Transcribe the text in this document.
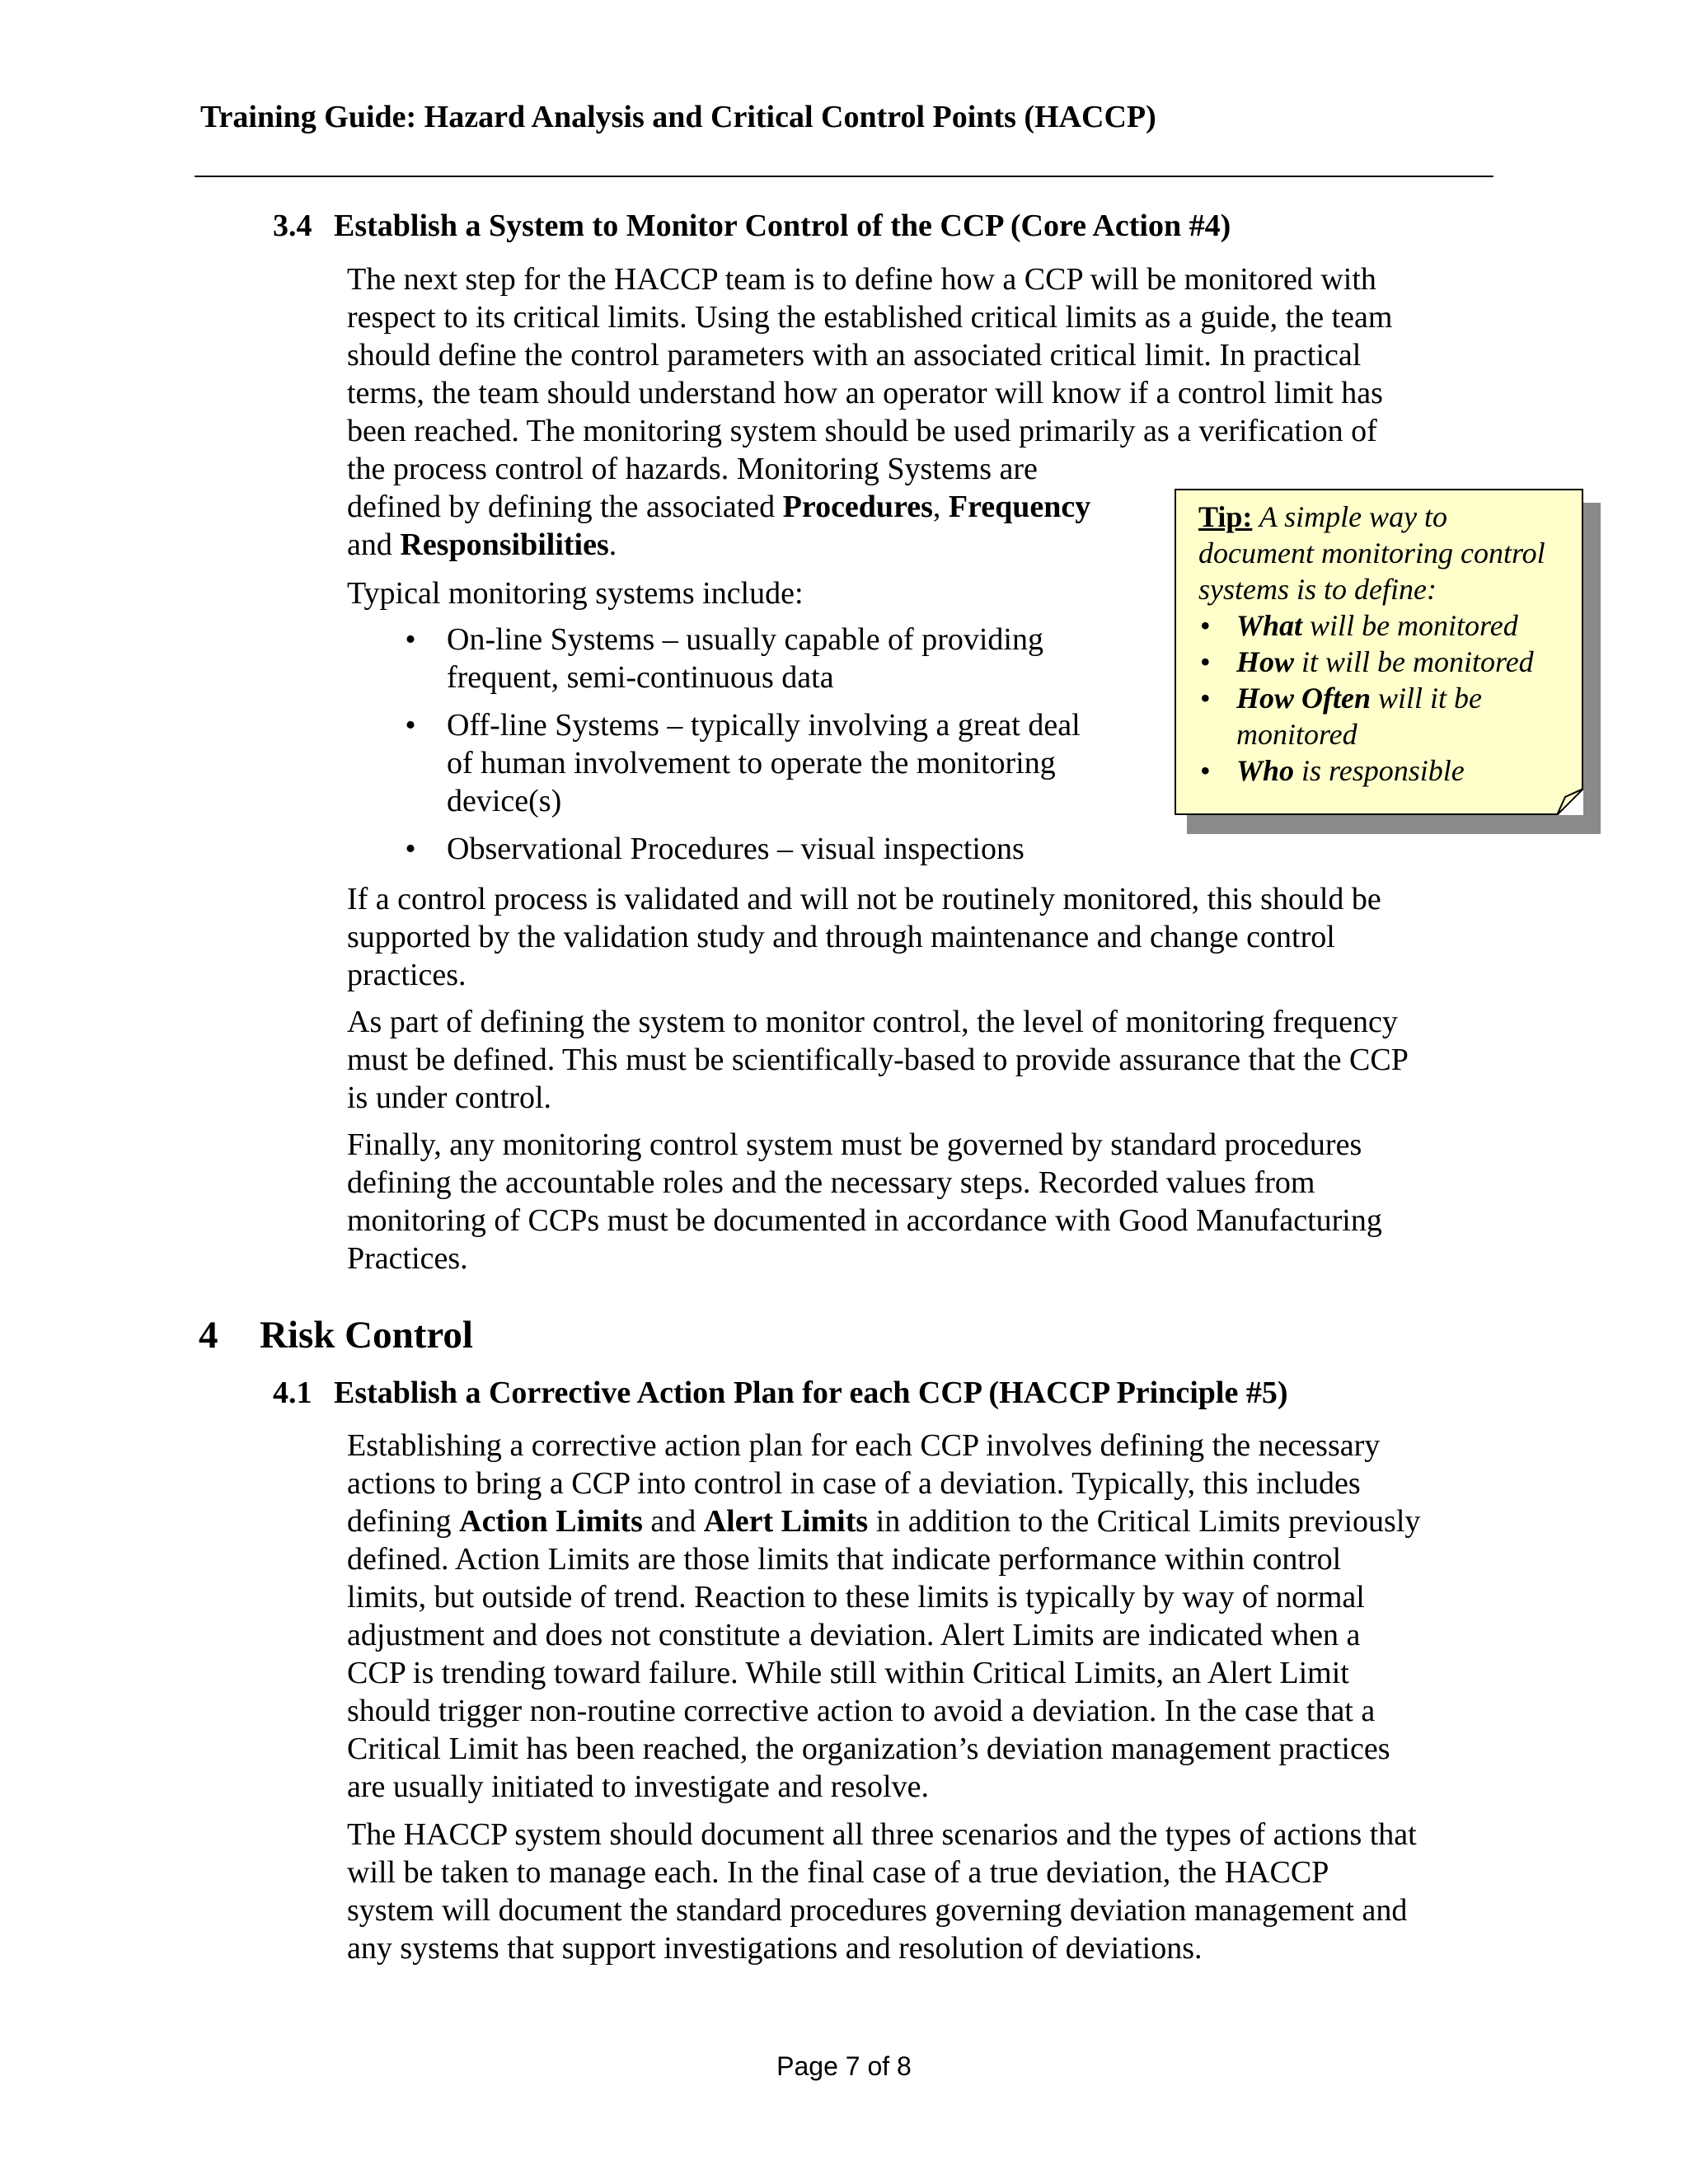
Training Guide: Hazard Analysis and Critical Control Points (HACCP)
3.4 Establish a System to Monitor Control of the CCP (Core Action #4)
The next step for the HACCP team is to define how a CCP will be monitored with
respect to its critical limits. Using the established critical limits as a guide, the team
should define the control parameters with an associated critical limit. In practical
terms, the team should understand how an operator will know if a control limit has
been reached. The monitoring system should be used primarily as a verification of
the process control of hazards. Monitoring Systems are
defined by defining the associated Procedures, Frequency
and Responsibilities.
Typical monitoring systems include:
• On-line Systems – usually capable of providing
frequent, semi-continuous data
• Off-line Systems – typically involving a great deal
of human involvement to operate the monitoring
device(s)
• Observational Procedures – visual inspections
Tip: A simple way to
document monitoring control
systems is to define:
• What will be monitored
• How it will be monitored
• How Often will it be
monitored
• Who is responsible
If a control process is validated and will not be routinely monitored, this should be
supported by the validation study and through maintenance and change control
practices.
As part of defining the system to monitor control, the level of monitoring frequency
must be defined. This must be scientifically-based to provide assurance that the CCP
is under control.
Finally, any monitoring control system must be governed by standard procedures
defining the accountable roles and the necessary steps. Recorded values from
monitoring of CCPs must be documented in accordance with Good Manufacturing
Practices.
4 Risk Control
4.1 Establish a Corrective Action Plan for each CCP (HACCP Principle #5)
Establishing a corrective action plan for each CCP involves defining the necessary
actions to bring a CCP into control in case of a deviation. Typically, this includes
defining Action Limits and Alert Limits in addition to the Critical Limits previously
defined. Action Limits are those limits that indicate performance within control
limits, but outside of trend. Reaction to these limits is typically by way of normal
adjustment and does not constitute a deviation. Alert Limits are indicated when a
CCP is trending toward failure. While still within Critical Limits, an Alert Limit
should trigger non-routine corrective action to avoid a deviation. In the case that a
Critical Limit has been reached, the organization’s deviation management practices
are usually initiated to investigate and resolve.
The HACCP system should document all three scenarios and the types of actions that
will be taken to manage each. In the final case of a true deviation, the HACCP
system will document the standard procedures governing deviation management and
any systems that support investigations and resolution of deviations.
Page 7 of 8
